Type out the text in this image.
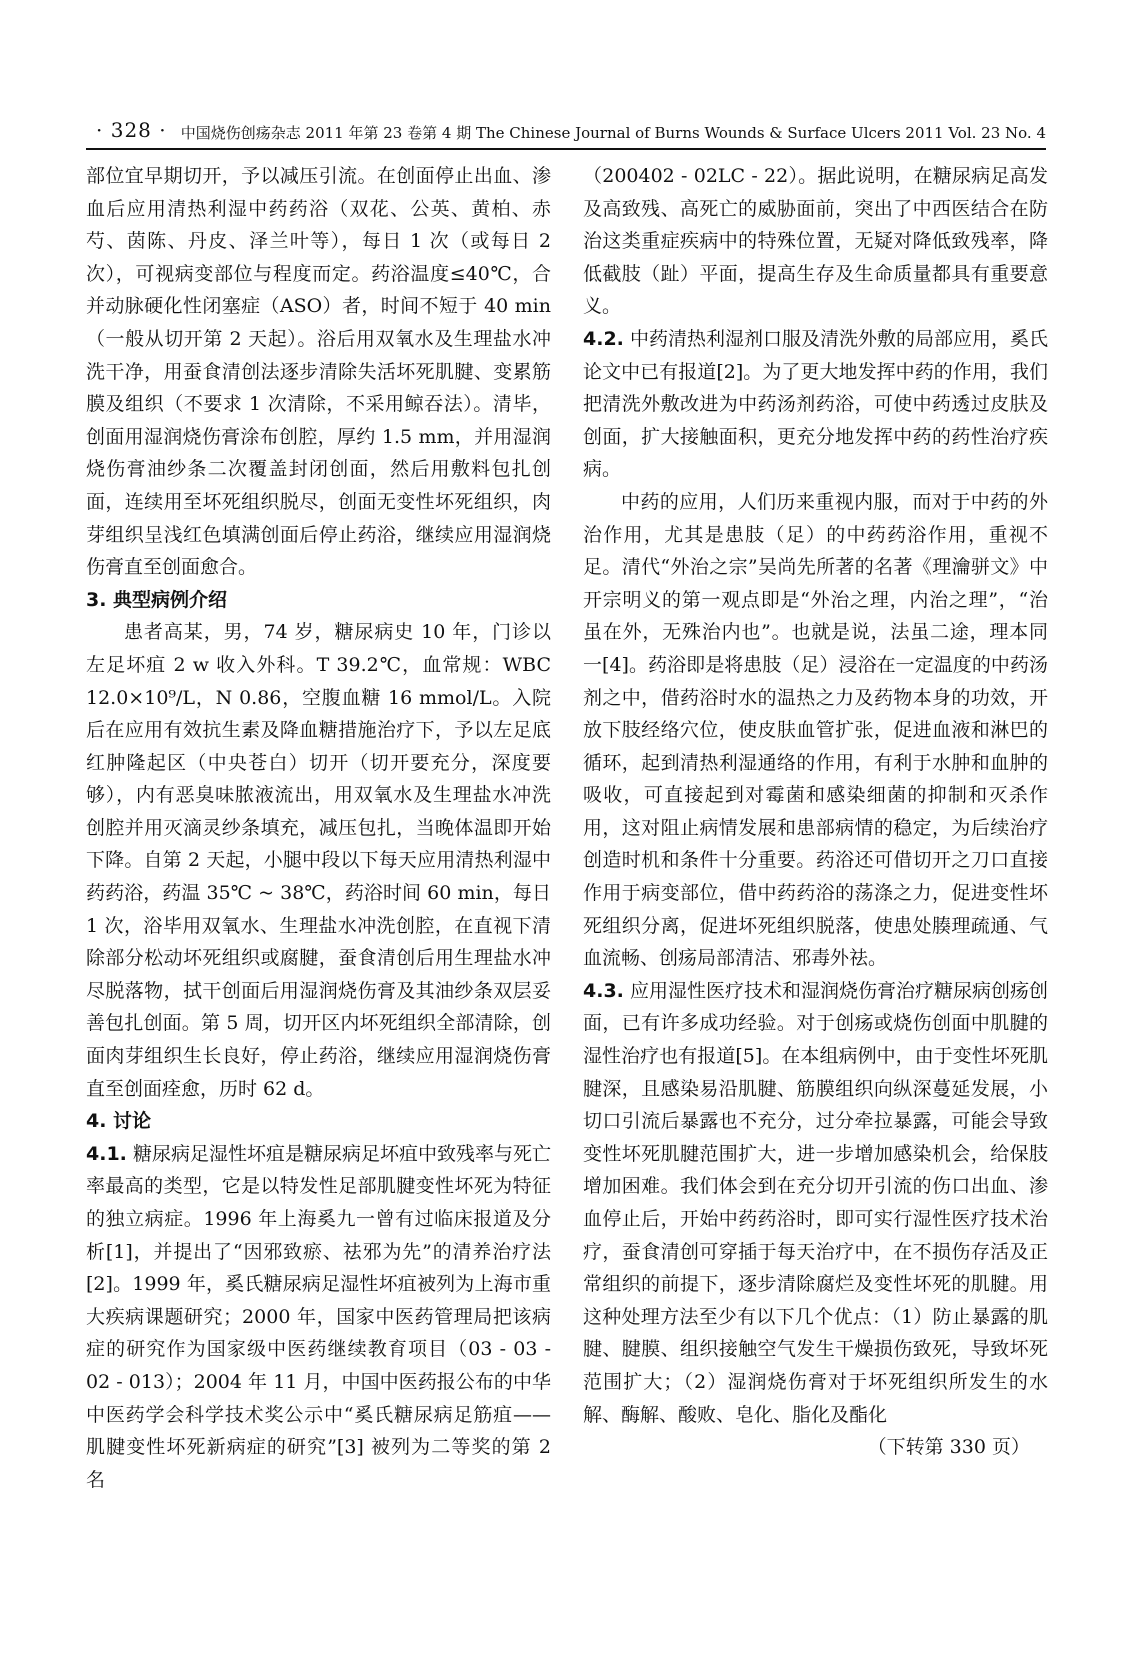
· 328 · 中国烧伤创疡杂志 2011 年第 23 卷第 4 期 The Chinese Journal of Burns Wounds & Surface Ulcers 2011 Vol. 23 No. 4

部位宜早期切开，予以减压引流。在创面停止出血、渗血后应用清热利湿中药药浴（双花、公英、黄柏、赤芍、茵陈、丹皮、泽兰叶等），每日 1 次（或每日 2 次），可视病变部位与程度而定。药浴温度≤40℃，合并动脉硬化性闭塞症（ASO）者，时间不短于 40 min（一般从切开第 2 天起）。浴后用双氧水及生理盐水冲洗干净，用蚕食清创法逐步清除失活坏死肌腱、变累筋膜及组织（不要求 1 次清除，不采用鲸吞法）。清毕，创面用湿润烧伤膏涂布创腔，厚约 1.5 mm，并用湿润烧伤膏油纱条二次覆盖封闭创面，然后用敷料包扎创面，连续用至坏死组织脱尽，创面无变性坏死组织，肉芽组织呈浅红色填满创面后停止药浴，继续应用湿润烧伤膏直至创面愈合。

3. 典型病例介绍

患者高某，男，74 岁，糖尿病史 10 年，门诊以左足坏疽 2 w 收入外科。T 39.2℃，血常规：WBC 12.0×10⁹/L，N 0.86，空腹血糖 16 mmol/L。入院后在应用有效抗生素及降血糖措施治疗下，予以左足底红肿隆起区（中央苍白）切开（切开要充分，深度要够），内有恶臭味脓液流出，用双氧水及生理盐水冲洗创腔并用灭滴灵纱条填充，减压包扎，当晚体温即开始下降。自第 2 天起，小腿中段以下每天应用清热利湿中药药浴，药温 35℃ ~ 38℃，药浴时间 60 min，每日 1 次，浴毕用双氧水、生理盐水冲洗创腔，在直视下清除部分松动坏死组织或腐腱，蚕食清创后用生理盐水冲尽脱落物，拭干创面后用湿润烧伤膏及其油纱条双层妥善包扎创面。第 5 周，切开区内坏死组织全部清除，创面肉芽组织生长良好，停止药浴，继续应用湿润烧伤膏直至创面痊愈，历时 62 d。

4. 讨论

4.1. 糖尿病足湿性坏疽是糖尿病足坏疽中致残率与死亡率最高的类型，它是以特发性足部肌腱变性坏死为特征的独立病症。1996 年上海奚九一曾有过临床报道及分析[1]，并提出了“因邪致瘀、祛邪为先”的清养治疗法[2]。1999 年，奚氏糖尿病足湿性坏疽被列为上海市重大疾病课题研究；2000 年，国家中医药管理局把该病症的研究作为国家级中医药继续教育项目（03 - 03 - 02 - 013）；2004 年 11 月，中国中医药报公布的中华中医药学会科学技术奖公示中“奚氏糖尿病足筋疽——肌腱变性坏死新病症的研究”[3] 被列为二等奖的第 2 名

（200402 - 02LC - 22）。据此说明，在糖尿病足高发及高致残、高死亡的威胁面前，突出了中西医结合在防治这类重症疾病中的特殊位置，无疑对降低致残率，降低截肢（趾）平面，提高生存及生命质量都具有重要意义。

4.2. 中药清热利湿剂口服及清洗外敷的局部应用，奚氏论文中已有报道[2]。为了更大地发挥中药的作用，我们把清洗外敷改进为中药汤剂药浴，可使中药透过皮肤及创面，扩大接触面积，更充分地发挥中药的药性治疗疾病。

中药的应用，人们历来重视内服，而对于中药的外治作用，尤其是患肢（足）的中药药浴作用，重视不足。清代“外治之宗”吴尚先所著的名著《理瀹骈文》中开宗明义的第一观点即是“外治之理，内治之理”，“治虽在外，无殊治内也”。也就是说，法虽二途，理本同一[4]。药浴即是将患肢（足）浸浴在一定温度的中药汤剂之中，借药浴时水的温热之力及药物本身的功效，开放下肢经络穴位，使皮肤血管扩张，促进血液和淋巴的循环，起到清热利湿通络的作用，有利于水肿和血肿的吸收，可直接起到对霉菌和感染细菌的抑制和灭杀作用，这对阻止病情发展和患部病情的稳定，为后续治疗创造时机和条件十分重要。药浴还可借切开之刀口直接作用于病变部位，借中药药浴的荡涤之力，促进变性坏死组织分离，促进坏死组织脱落，使患处腠理疏通、气血流畅、创疡局部清洁、邪毒外祛。

4.3. 应用湿性医疗技术和湿润烧伤膏治疗糖尿病创疡创面，已有许多成功经验。对于创疡或烧伤创面中肌腱的湿性治疗也有报道[5]。在本组病例中，由于变性坏死肌腱深，且感染易沿肌腱、筋膜组织向纵深蔓延发展，小切口引流后暴露也不充分，过分牵拉暴露，可能会导致变性坏死肌腱范围扩大，进一步增加感染机会，给保肢增加困难。我们体会到在充分切开引流的伤口出血、渗血停止后，开始中药药浴时，即可实行湿性医疗技术治疗，蚕食清创可穿插于每天治疗中，在不损伤存活及正常组织的前提下，逐步清除腐烂及变性坏死的肌腱。用这种处理方法至少有以下几个优点：（1）防止暴露的肌腱、腱膜、组织接触空气发生干燥损伤致死，导致坏死范围扩大；（2）湿润烧伤膏对于坏死组织所发生的水解、酶解、酸败、皂化、脂化及酯化

（下转第 330 页）
